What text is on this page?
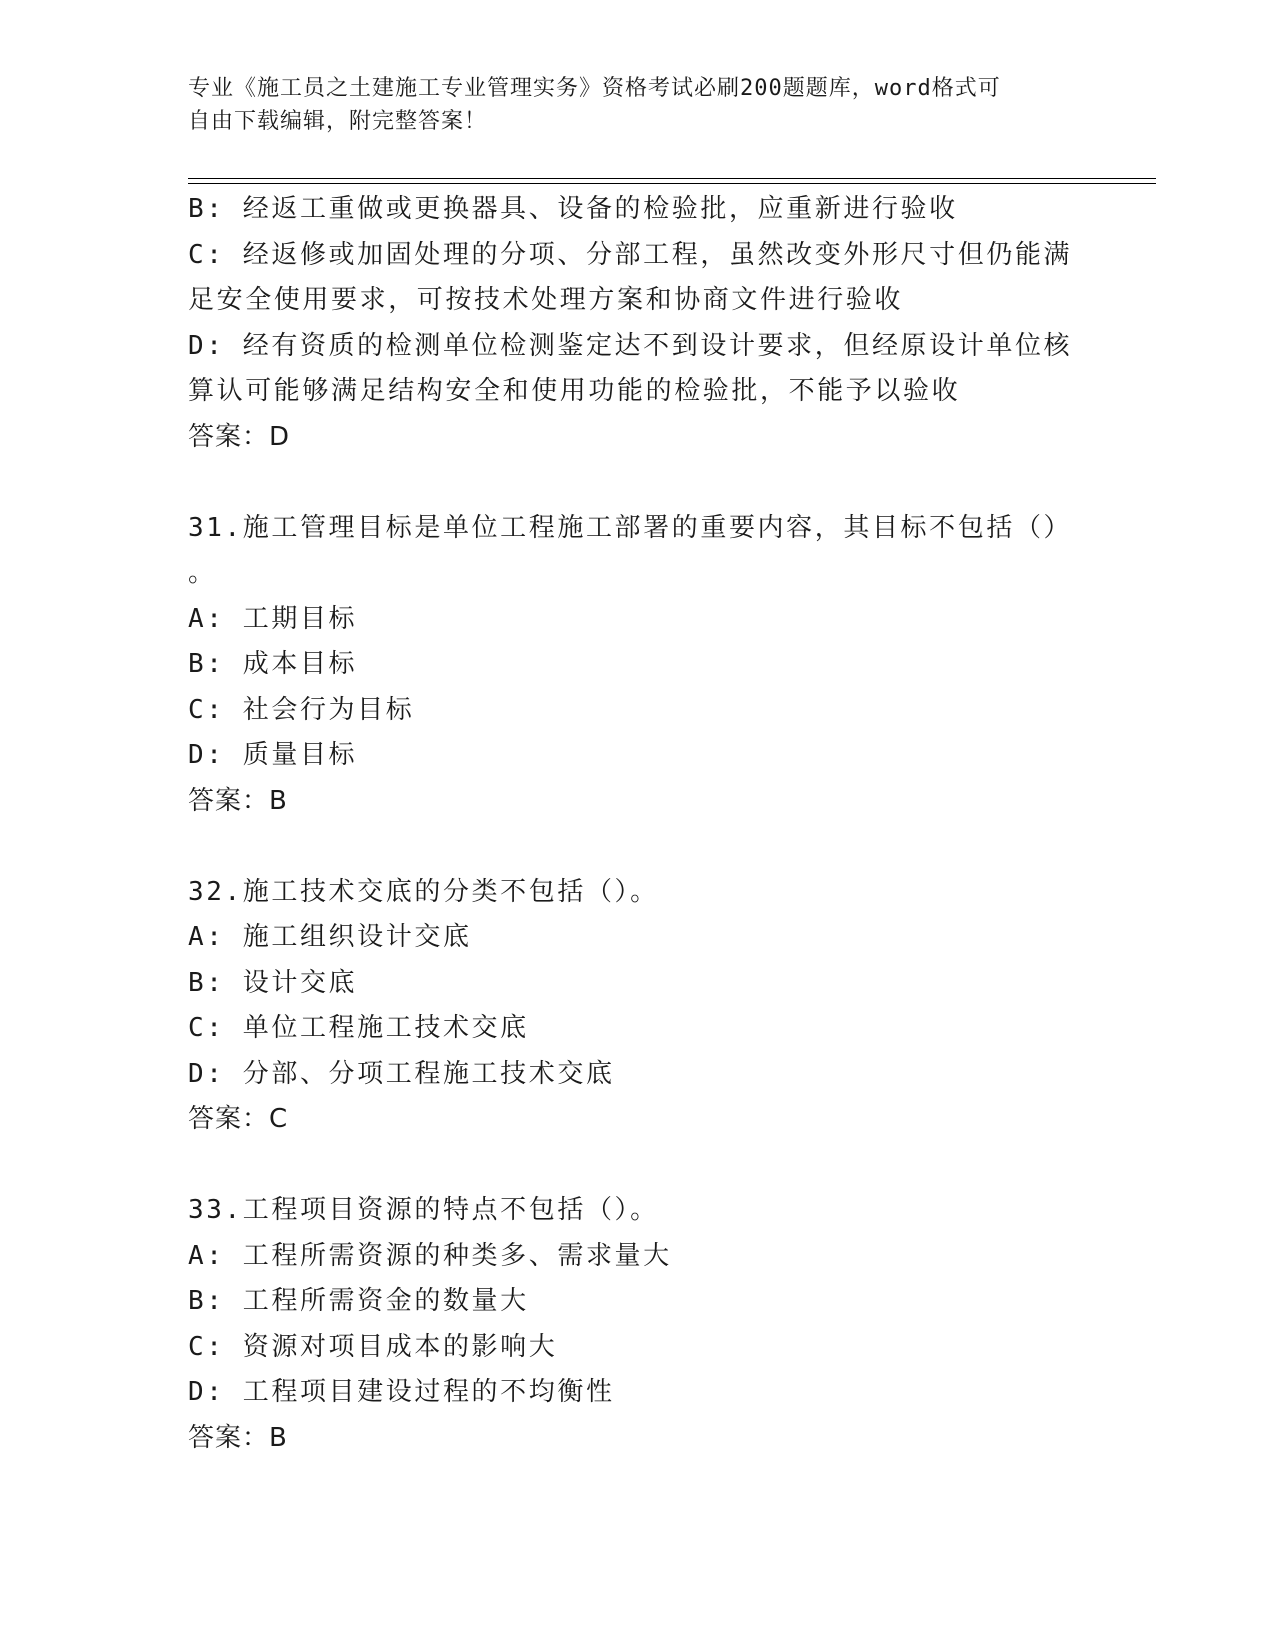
专业《施工员之土建施工专业管理实务》资格考试必刷200题题库，word格式可
自由下载编辑，附完整答案！
B: 经返工重做或更换器具、设备的检验批，应重新进行验收
C: 经返修或加固处理的分项、分部工程，虽然改变外形尺寸但仍能满
足安全使用要求，可按技术处理方案和协商文件进行验收
D: 经有资质的检测单位检测鉴定达不到设计要求，但经原设计单位核
算认可能够满足结构安全和使用功能的检验批，不能予以验收
答案：D
31.施工管理目标是单位工程施工部署的重要内容，其目标不包括（）
。
A: 工期目标
B: 成本目标
C: 社会行为目标
D: 质量目标
答案：B
32.施工技术交底的分类不包括（）。
A: 施工组织设计交底
B: 设计交底
C: 单位工程施工技术交底
D: 分部、分项工程施工技术交底
答案：C
33.工程项目资源的特点不包括（）。
A: 工程所需资源的种类多、需求量大
B: 工程所需资金的数量大
C: 资源对项目成本的影响大
D: 工程项目建设过程的不均衡性
答案：B
